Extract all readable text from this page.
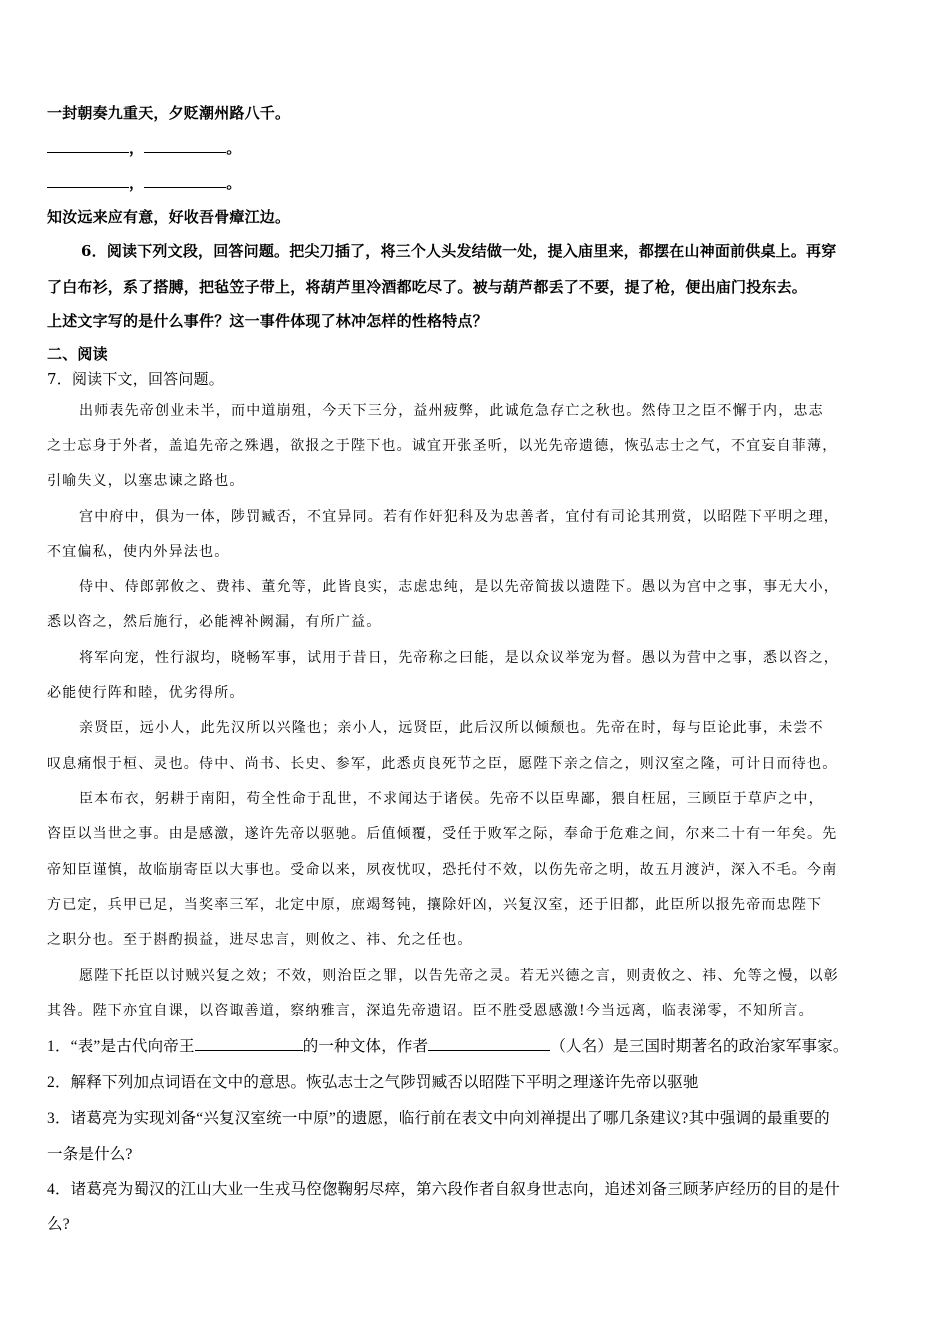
一封朝奏九重天，夕贬潮州路八千。
，	。
，	。
知汝远来应有意，好收吾骨瘴江边。
6．阅读下列文段，回答问题。把尖刀插了，将三个人头发结做一处，提入庙里来，都摆在山神面前供桌上。再穿
了白布衫，系了搭膊，把毡笠子带上，将葫芦里冷酒都吃尽了。被与葫芦都丢了不要，提了枪，便出庙门投东去。
上述文字写的是什么事件？这一事件体现了林冲怎样的性格特点？
二、阅读
7．阅读下文，回答问题。
出师表先帝创业未半，而中道崩殂，今天下三分，益州疲弊，此诚危急存亡之秋也。然侍卫之臣不懈于内，忠志
之士忘身于外者，盖追先帝之殊遇，欲报之于陛下也。诚宜开张圣听，以光先帝遗德，恢弘志士之气，不宜妄自菲薄，
引喻失义，以塞忠谏之路也。
宫中府中，俱为一体，陟罚臧否，不宜异同。若有作奸犯科及为忠善者，宜付有司论其刑赏，以昭陛下平明之理，
不宜偏私，使内外异法也。
侍中、侍郎郭攸之、费祎、董允等，此皆良实，志虑忠纯，是以先帝简拔以遗陛下。愚以为宫中之事，事无大小，
悉以咨之，然后施行，必能裨补阙漏，有所广益。
将军向宠，性行淑均，晓畅军事，试用于昔日，先帝称之曰能，是以众议举宠为督。愚以为营中之事，悉以咨之，
必能使行阵和睦，优劣得所。
亲贤臣，远小人，此先汉所以兴隆也；亲小人，远贤臣，此后汉所以倾颓也。先帝在时，每与臣论此事，未尝不
叹息痛恨于桓、灵也。侍中、尚书、长史、参军，此悉贞良死节之臣，愿陛下亲之信之，则汉室之隆，可计日而待也。
臣本布衣，躬耕于南阳，苟全性命于乱世，不求闻达于诸侯。先帝不以臣卑鄙，猥自枉屈，三顾臣于草庐之中，
咨臣以当世之事。由是感激，遂许先帝以驱驰。后值倾覆，受任于败军之际，奉命于危难之间，尔来二十有一年矣。先
帝知臣谨慎，故临崩寄臣以大事也。受命以来，夙夜忧叹，恐托付不效，以伤先帝之明，故五月渡泸，深入不毛。今南
方已定，兵甲已足，当奖率三军，北定中原，庶竭驽钝，攘除奸凶，兴复汉室，还于旧都，此臣所以报先帝而忠陛下
之职分也。至于斟酌损益，进尽忠言，则攸之、祎、允之任也。
愿陛下托臣以讨贼兴复之效；不效，则治臣之罪，以告先帝之灵。若无兴德之言，则责攸之、祎、允等之慢，以彰
其咎。陛下亦宜自课，以咨诹善道，察纳雅言，深追先帝遗诏。臣不胜受恩感激!今当远离，临表涕零，不知所言。
1．“表”是古代向帝王	的一种文体，作者	（人名）是三国时期著名的政治家军事家。
2．解释下列加点词语在文中的意思。恢弘志士之气陟罚臧否以昭陛下平明之理遂许先帝以驱驰
3．诸葛亮为实现刘备“兴复汉室统一中原”的遗愿，临行前在表文中向刘禅提出了哪几条建议?其中强调的最重要的
一条是什么?
4．诸葛亮为蜀汉的江山大业一生戎马倥偬鞠躬尽瘁，第六段作者自叙身世志向，追述刘备三顾茅庐经历的目的是什
么?
